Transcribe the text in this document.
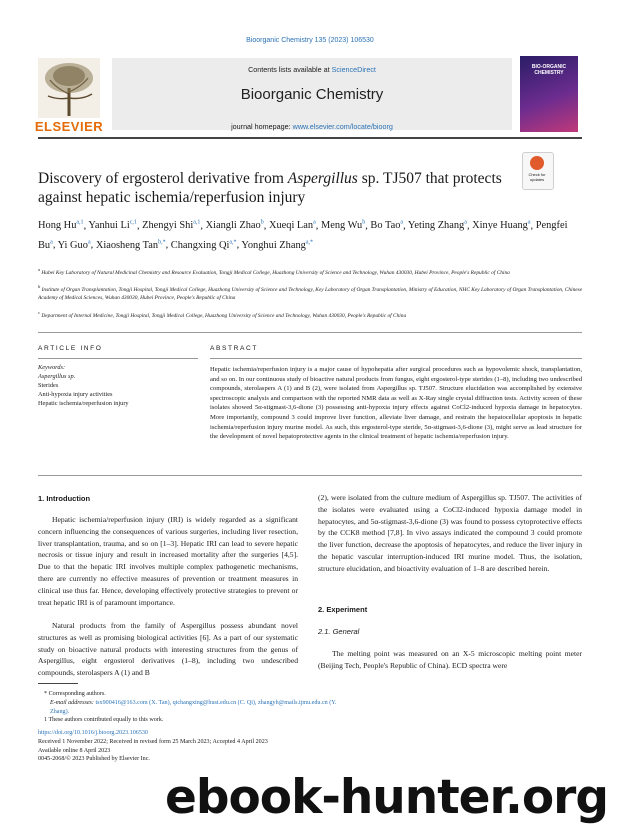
Bioorganic Chemistry 135 (2023) 106530
ELSEVIER
Contents lists available at ScienceDirect
Bioorganic Chemistry
journal homepage: www.elsevier.com/locate/bioorg
BIO-ORGANIC CHEMISTRY
Discovery of ergosterol derivative from Aspergillus sp. TJ507 that protects against hepatic ischemia/reperfusion injury
Check for updates
Hong Hu$^{a,1}$, Yanhui Li$^{c,1}$, Zhengyi Shi$^{a,1}$, Xiangli Zhao$^b$, Xueqi Lan$^a$, Meng Wu$^b$, Bo Tao$^a$, Yeting Zhang$^a$, Xinye Huang$^a$, Pengfei Bu$^a$, Yi Guo$^a$, Xiaosheng Tan$^{b,*}$, Changxing $Qi^{a,*}$, Yonghui Zhang$^{a,*}$
$^a$ Hubei Key Laboratory of Natural Medicinal Chemistry and Resource Evaluation, Tongji Medical College, Huazhong University of Science and Technology, Wuhan 430030, Hubei Province, People's Republic of China
$^b$ Institute of Organ Transplantation, Tongji Hospital, Tongji Medical College, Huazhong University of Science and Technology, Key Laboratory of Organ Transplantation, Ministry of Education, NHC Key Laboratory of Organ Transplantation, Chinese Academy of Medical Sciences, Wuhan 430030, Hubei Province, People's Republic of China
$^c$ Department of Internal Medicine, Tongji Hospital, Tongji Medical College, Huazhong University of Science and Technology, Wuhan 430030, People's Republic of China
ARTICLE INFO	ABSTRACT
Keywords:
Aspergillus sp.
Sterides
Anti-hypoxia injury activities
Hepatic ischemia/reperfusion injury
Hepatic ischemia/reperfusion injury is a major cause of hypohepatia after surgical procedures such as hypovolemic shock, transplantation, and so on. In our continuous study of bioactive natural products from fungus, eight ergosterol-type sterides (1–8), including two undescribed compounds, sterolaspers A (1) and B (2), were isolated from Aspergillus sp. TJ507. Structure elucidation was accomplished by extensive spectroscopic analysis and comparison with the reported NMR data as well as X-Ray single crystal diffraction tests. Activity screen of these isolates showed 5α-stigmast-3,6-dione (3) possessing anti-hypoxia injury effects against CoCl2-induced hypoxia damage in hepatocytes. More importantly, compound 3 could improve liver function, alleviate liver damage, and restrain the hepatocellular apoptosis in hepatic ischemia/reperfusion injury murine model. As such, this ergosterol-type steride, 5α-stigmast-3,6-dione (3), might serve as lead structure for the development of novel hepatoprotective agents in the clinical treatment of hepatic ischemia/reperfusion injury.
1. Introduction
Hepatic ischemia/reperfusion injury (IRI) is widely regarded as a significant concern influencing the consequences of various surgeries, including liver resection, liver transplantation, trauma, and so on [1–3]. Hepatic IRI can lead to severe hepatic necrosis or tissue injury and result in increased mortality after the surgeries [4,5]. Due to that the hepatic IRI involves multiple complex pathogenetic mechanisms, there are currently no effective measures of prevention or treatment measures in clinical use thus far. Hence, developing effectively protective strategies to prevent or treat hepatic IRI is of paramount importance.
Natural products from the family of Aspergillus possess abundant novel structures as well as promising biological activities [6]. As a part of our systematic study on bioactive natural products with interesting structures from the genus of Aspergillus, eight ergosterol derivatives (1–8), including two undescribed compounds, sterolaspers A (1) and B
(2), were isolated from the culture medium of Aspergillus sp. TJ507. The activities of the isolates were evaluated using a CoCl2-induced hypoxia damage model in hepatocytes, and 5α-stigmast-3,6-dione (3) was found to possess cytoprotective effects by the CCK8 method [7,8]. In vivo assays indicated the compound 3 could promote the liver function, decrease the apoptosis of hepatocytes, and reduce the liver injury in the hepatic vascular interruption-induced IRI murine model. Thus, the isolation, structure elucidation, and bioactivity evaluation of 1–8 are described herein.
2. Experiment
2.1. General
The melting point was measured on an X-5 microscopic melting point meter (Beijing Tech, People's Republic of China). ECD spectra were
* Corresponding authors.
E-mail addresses: tsx900416@163.com (X. Tan), qichangxing@hust.edu.cn (C. Qi), zhangyh@mails.tjmu.edu.cn (Y. Zhang).
1 These authors contributed equally to this work.
https://doi.org/10.1016/j.bioorg.2023.106530
Received 1 November 2022; Received in revised form 25 March 2023; Accepted 4 April 2023
Available online 8 April 2023
0045-2068/© 2023 Published by Elsevier Inc.
ebook-hunter.org
